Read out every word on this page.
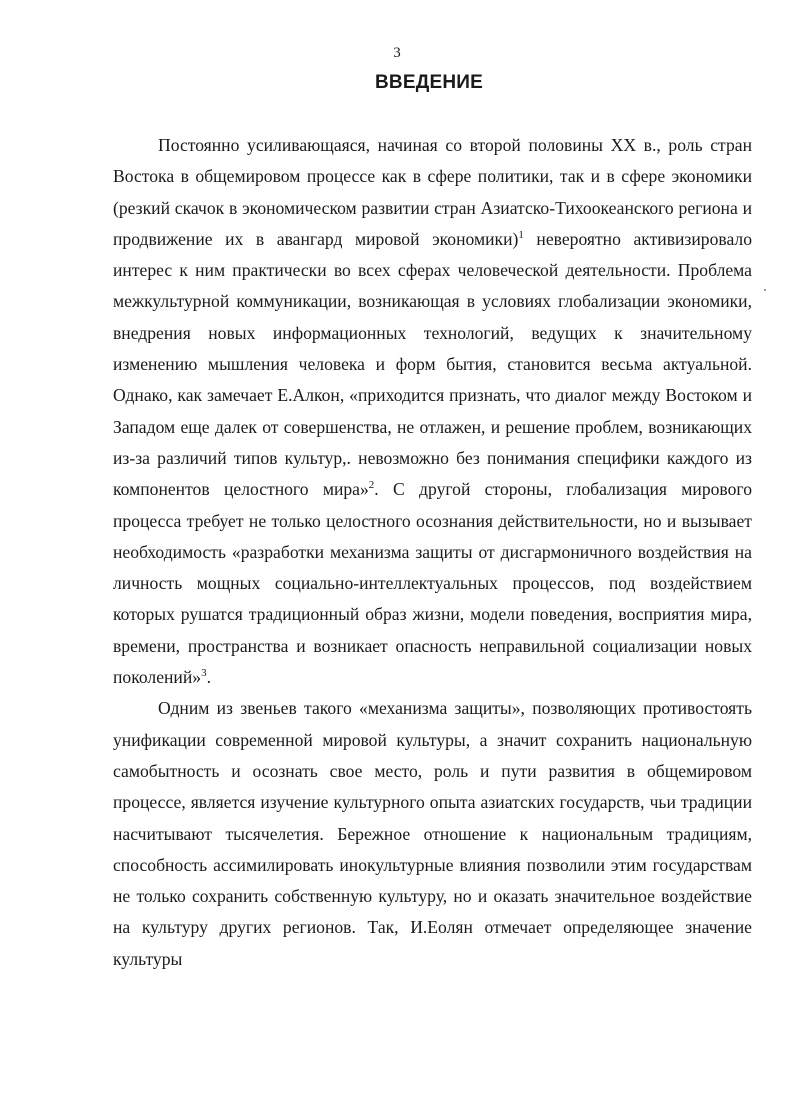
3
ВВЕДЕНИЕ

Постоянно усиливающаяся, начиная со второй половины XX в., роль стран Востока в общемировом процессе как в сфере политики, так и в сфере экономики (резкий скачок в экономическом развитии стран Азиатско-Тихоокеанского региона и продвижение их в авангард мировой экономики)$^1$ невероятно активизировало интерес к ним практически во всех сферах человеческой деятельности. Проблема межкультурной коммуникации, возникающая в условиях глобализации экономики, внедрения новых информационных технологий, ведущих к значительному изменению мышления человека и форм бытия, становится весьма актуальной. Однако, как замечает Е.Алкон, «приходится признать, что диалог между Востоком и Западом еще далек от совершенства, не отлажен, и решение проблем, возникающих из-за различий типов культур,. невозможно без понимания специфики каждого из компонентов целостного мира»$^2$. С другой стороны, глобализация мирового процесса требует не только целостного осознания действительности, но и вызывает необходимость «разработки механизма защиты от дисгармоничного воздействия на личность мощных социально-интеллектуальных процессов, под воздействием которых рушатся традиционный образ жизни, модели поведения, восприятия мира, времени, пространства и возникает опасность неправильной социализации новых поколений»$^3$.

Одним из звеньев такого «механизма защиты», позволяющих противостоять унификации современной мировой культуры, а значит сохранить национальную самобытность и осознать свое место, роль и пути развития в общемировом процессе, является изучение культурного опыта азиатских государств, чьи традиции насчитывают тысячелетия. Бережное отношение к национальным традициям, способность ассимилировать инокультурные влияния позволили этим государствам не только сохранить собственную культуру, но и оказать значительное воздействие на культуру других регионов. Так, И.Еолян отмечает определяющее значение культуры
